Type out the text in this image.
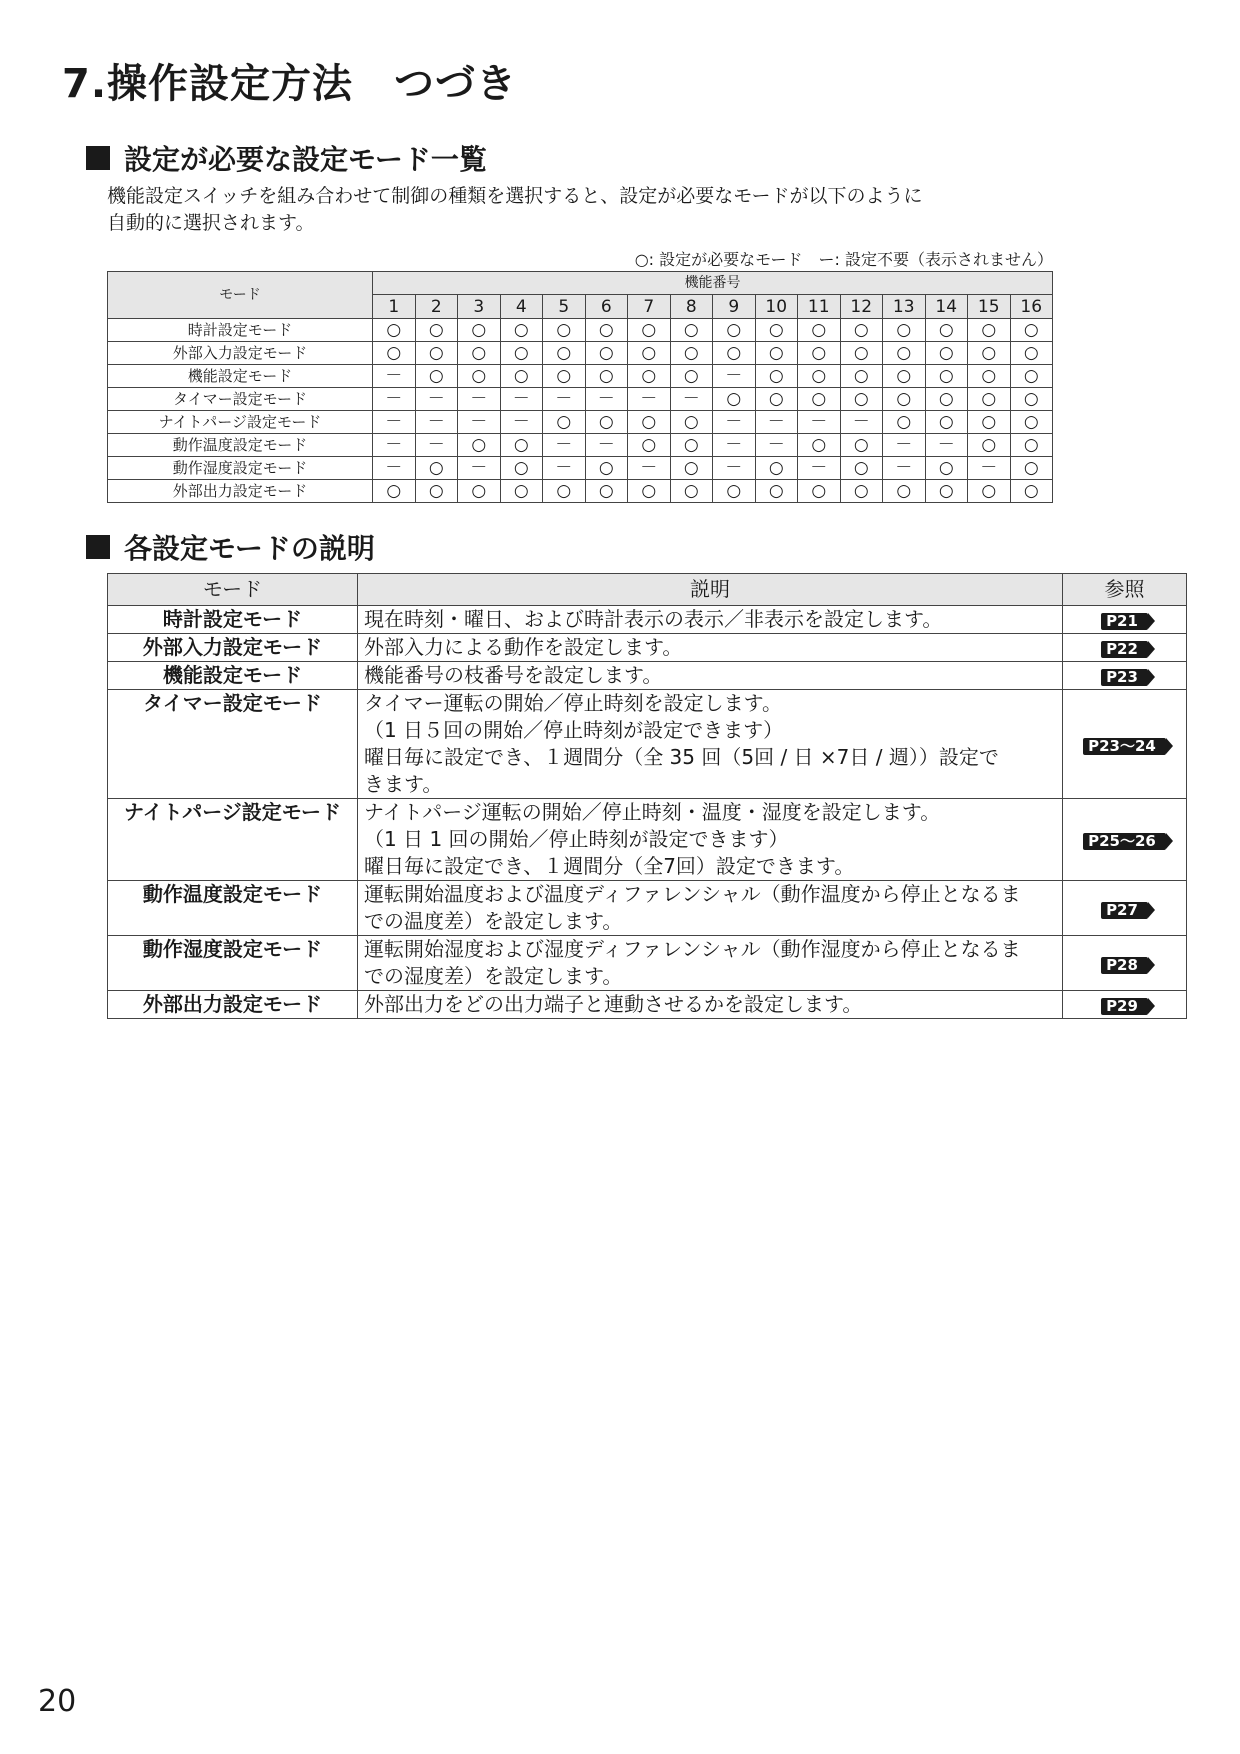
7.操作設定方法　つづき
設定が必要な設定モード一覧

機能設定スイッチを組み合わせて制御の種類を選択すると、設定が必要なモードが以下のように
自動的に選択されます。

○: 設定が必要なモード　ー: 設定不要（表示されません）
モード	機能番号															
	1	2	3	4	5	6	7	8	9	10	11	12	13	14	15	16
時計設定モード	○	○	○	○	○	○	○	○	○	○	○	○	○	○	○	○
外部入力設定モード	○	○	○	○	○	○	○	○	○	○	○	○	○	○	○	○
機能設定モード	－	○	○	○	○	○	○	○	－	○	○	○	○	○	○	○
タイマー設定モード	－	－	－	－	－	－	－	－	○	○	○	○	○	○	○	○
ナイトパージ設定モード	－	－	－	－	○	○	○	○	－	－	－	－	○	○	○	○
動作温度設定モード	－	－	○	○	－	－	○	○	－	－	○	○	－	－	○	○
動作湿度設定モード	－	○	－	○	－	○	－	○	－	○	－	○	－	○	－	○
外部出力設定モード	○	○	○	○	○	○	○	○	○	○	○	○	○	○	○	○
各設定モードの説明
モード	説明	参照
時計設定モード	現在時刻・曜日、および時計表示の表示／非表示を設定します。	P21
外部入力設定モード	外部入力による動作を設定します。	P22
機能設定モード	機能番号の枝番号を設定します。	P23
タイマー設定モード	タイマー運転の開始／停止時刻を設定します。
（1 日５回の開始／停止時刻が設定できます）
曜日毎に設定でき、１週間分（全 35 回（5回 / 日 ×7日 / 週））設定で
きます。	P23～24
ナイトパージ設定モード	ナイトパージ運転の開始／停止時刻・温度・湿度を設定します。
（1 日 1 回の開始／停止時刻が設定できます）
曜日毎に設定でき、１週間分（全7回）設定できます。	P25～26
動作温度設定モード	運転開始温度および温度ディファレンシャル（動作温度から停止となるま
での温度差）を設定します。	P27
動作湿度設定モード	運転開始湿度および湿度ディファレンシャル（動作湿度から停止となるま
での湿度差）を設定します。	P28
外部出力設定モード	外部出力をどの出力端子と連動させるかを設定します。	P29
20
